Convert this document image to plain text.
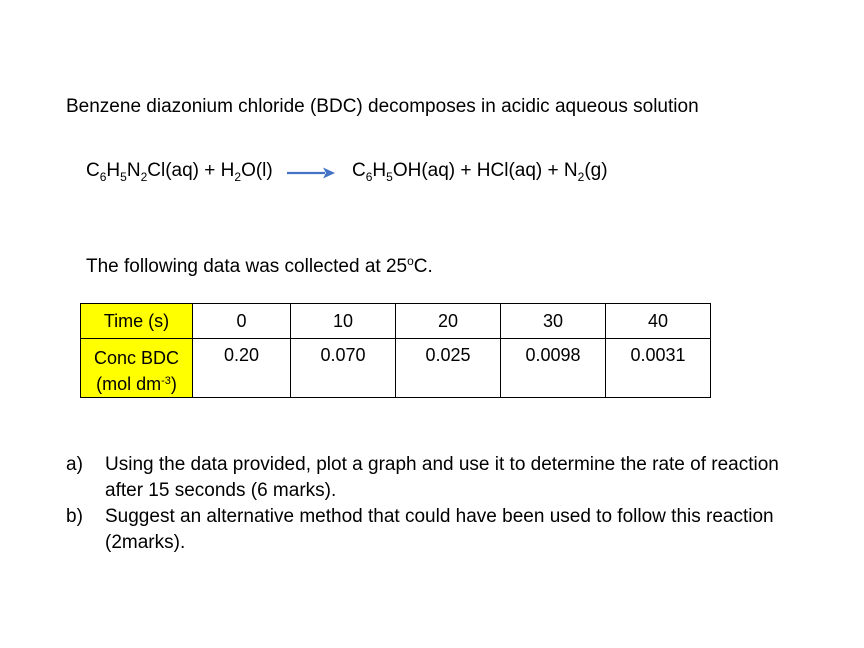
Benzene diazonium chloride (BDC) decomposes in acidic aqueous solution
$C_6H_5N_2Cl(aq) + H_2O(l) \to C_6H_5OH(aq) + HCl(aq) + N_2(g)$
The following data was collected at 25$^o$C.
Time (s)	0	10	20	30	40
Conc BDC
(mol $dm^{-3}$)	0.20	0.070	0.025	0.0098	0.0031
a) Using the data provided, plot a graph and use it to determine the rate of reaction
after 15 seconds (6 marks).
b) Suggest an alternative method that could have been used to follow this reaction
(2marks).
